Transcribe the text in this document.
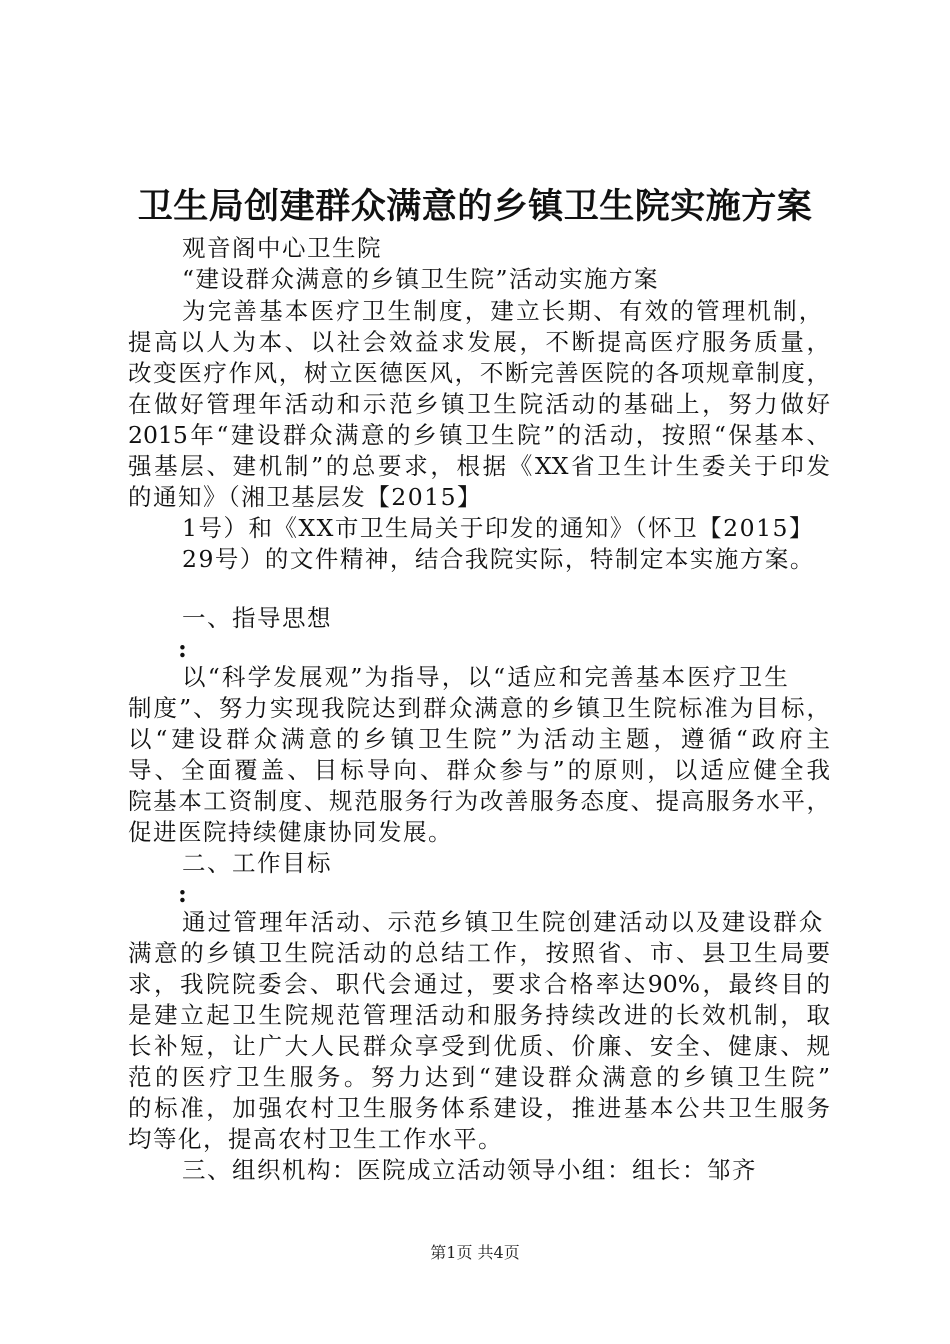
卫生局创建群众满意的乡镇卫生院实施方案
观音阁中心卫生院
“建设群众满意的乡镇卫生院”活动实施方案
为完善基本医疗卫生制度，建立长期、有效的管理机制，
提高以人为本、以社会效益求发展，不断提高医疗服务质量，
改变医疗作风，树立医德医风，不断完善医院的各项规章制度，
在做好管理年活动和示范乡镇卫生院活动的基础上，努力做好
2015年“建设群众满意的乡镇卫生院”的活动，按照“保基本、
强基层、建机制”的总要求，根据《XX省卫生计生委关于印发
的通知》（湘卫基层发【2015】
1号）和《XX市卫生局关于印发的通知》（怀卫【2015】
29号）的文件精神，结合我院实际，特制定本实施方案。
一、指导思想
:
以“科学发展观”为指导，以“适应和完善基本医疗卫生
制度”、努力实现我院达到群众满意的乡镇卫生院标准为目标，
以“建设群众满意的乡镇卫生院”为活动主题，遵循“政府主
导、全面覆盖、目标导向、群众参与”的原则，以适应健全我
院基本工资制度、规范服务行为改善服务态度、提高服务水平，
促进医院持续健康协同发展。
二、工作目标
:
通过管理年活动、示范乡镇卫生院创建活动以及建设群众
满意的乡镇卫生院活动的总结工作，按照省、市、县卫生局要
求，我院院委会、职代会通过，要求合格率达90%，最终目的
是建立起卫生院规范管理活动和服务持续改进的长效机制，取
长补短，让广大人民群众享受到优质、价廉、安全、健康、规
范的医疗卫生服务。努力达到“建设群众满意的乡镇卫生院”
的标准，加强农村卫生服务体系建设，推进基本公共卫生服务
均等化，提高农村卫生工作水平。
三、组织机构：医院成立活动领导小组：组长：邹齐
第1页 共4页
